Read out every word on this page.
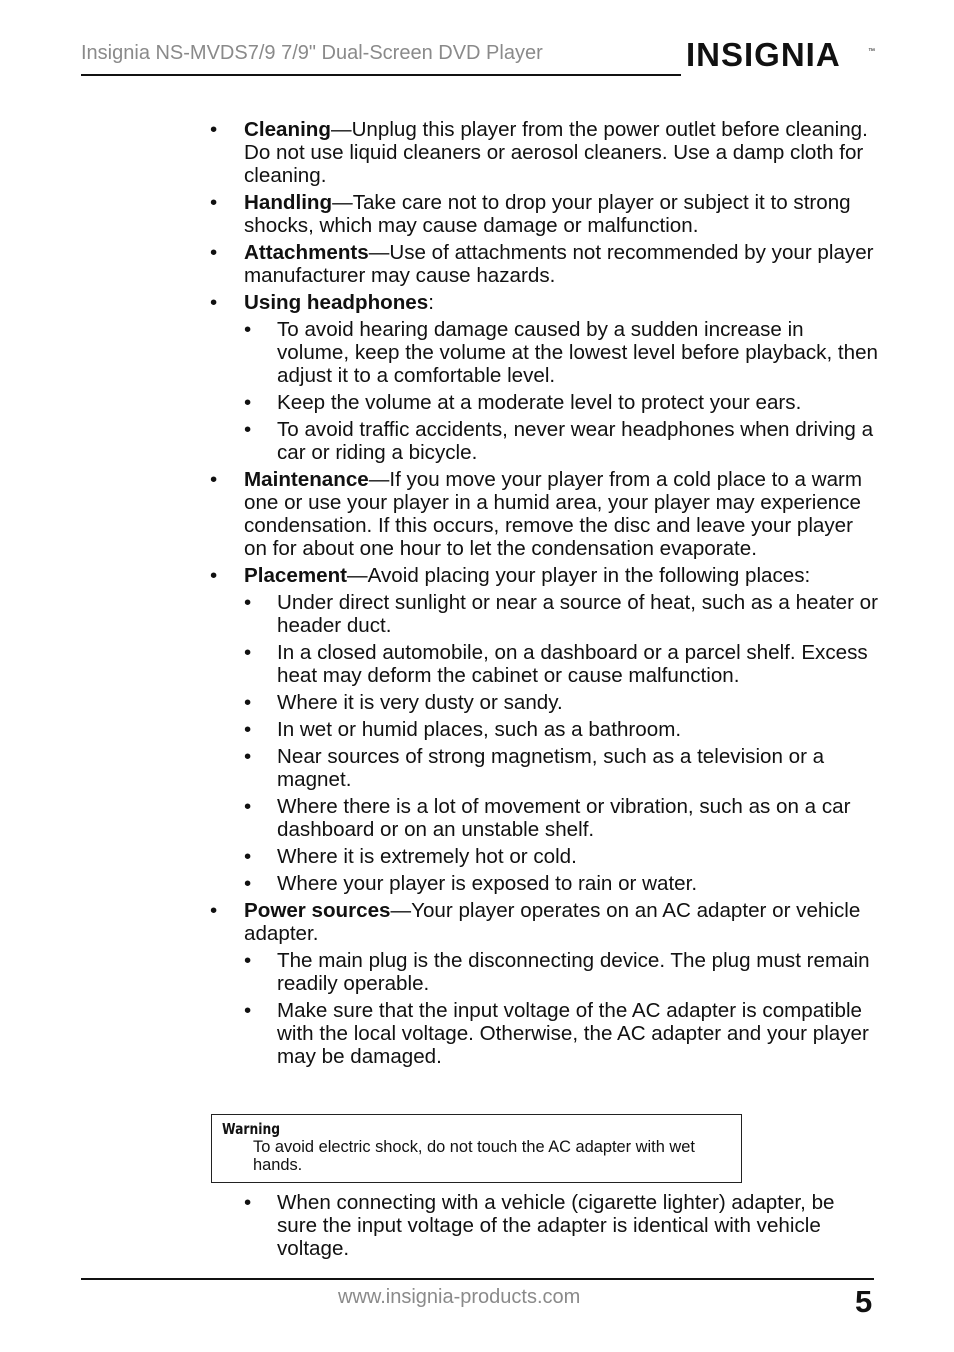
Insignia NS-MVDS7/9 7/9" Dual-Screen DVD Player	INSIGNIA	™
• Cleaning—Unplug this player from the power outlet before cleaning. Do not use liquid cleaners or aerosol cleaners. Use a damp cloth for cleaning.
• Handling—Take care not to drop your player or subject it to strong shocks, which may cause damage or malfunction.
• Attachments—Use of attachments not recommended by your player manufacturer may cause hazards.
• Using headphones:
• To avoid hearing damage caused by a sudden increase in volume, keep the volume at the lowest level before playback, then adjust it to a comfortable level.
• Keep the volume at a moderate level to protect your ears.
• To avoid traffic accidents, never wear headphones when driving a car or riding a bicycle.
• Maintenance—If you move your player from a cold place to a warm one or use your player in a humid area, your player may experience condensation. If this occurs, remove the disc and leave your player on for about one hour to let the condensation evaporate.
• Placement—Avoid placing your player in the following places:
• Under direct sunlight or near a source of heat, such as a heater or header duct.
• In a closed automobile, on a dashboard or a parcel shelf. Excess heat may deform the cabinet or cause malfunction.
• Where it is very dusty or sandy.
• In wet or humid places, such as a bathroom.
• Near sources of strong magnetism, such as a television or a magnet.
• Where there is a lot of movement or vibration, such as on a car dashboard or on an unstable shelf.
• Where it is extremely hot or cold.
• Where your player is exposed to rain or water.
• Power sources—Your player operates on an AC adapter or vehicle adapter.
• The main plug is the disconnecting device. The plug must remain readily operable.
• Make sure that the input voltage of the AC adapter is compatible with the local voltage. Otherwise, the AC adapter and your player may be damaged.
Warning
To avoid electric shock, do not touch the AC adapter with wet hands.
• When connecting with a vehicle (cigarette lighter) adapter, be sure the input voltage of the adapter is identical with vehicle voltage.
www.insignia-products.com	5
